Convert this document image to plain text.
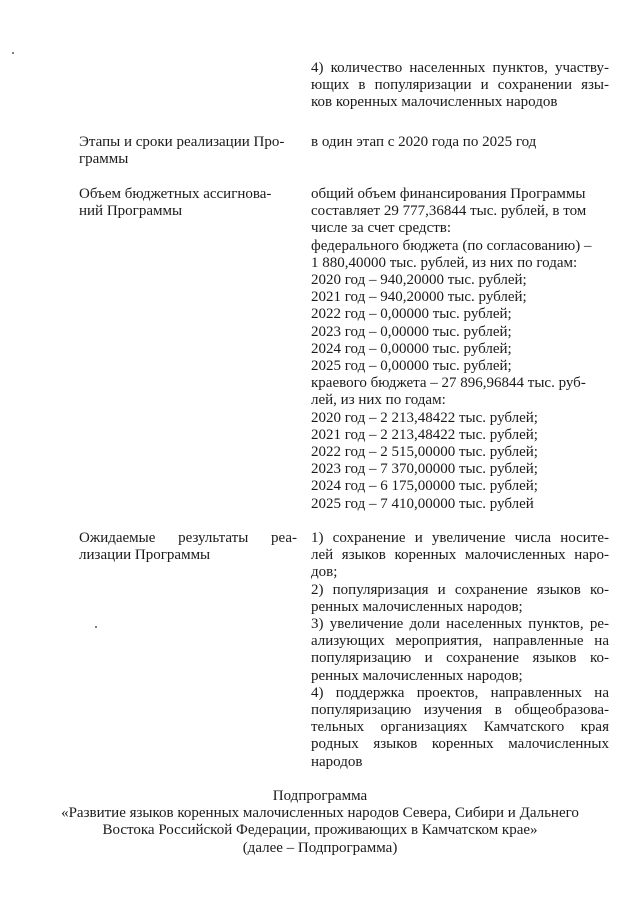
4) количество населенных пунктов, участву-
ющих в популяризации и сохранении язы-
ков коренных малочисленных народов
Этапы и сроки реализации Про-
граммы
в один этап с 2020 года по 2025 год
Объем бюджетных ассигнова-
ний Программы
общий объем финансирования Программы
составляет 29 777,36844 тыс. рублей, в том
числе за счет средств:
федерального бюджета (по согласованию) –
1 880,40000 тыс. рублей, из них по годам:
2020 год – 940,20000 тыс. рублей;
2021 год – 940,20000 тыс. рублей;
2022 год – 0,00000 тыс. рублей;
2023 год – 0,00000 тыс. рублей;
2024 год – 0,00000 тыс. рублей;
2025 год – 0,00000 тыс. рублей;
краевого бюджета – 27 896,96844 тыс. руб-
лей, из них по годам:
2020 год – 2 213,48422 тыс. рублей;
2021 год – 2 213,48422 тыс. рублей;
2022 год – 2 515,00000 тыс. рублей;
2023 год – 7 370,00000 тыс. рублей;
2024 год – 6 175,00000 тыс. рублей;
2025 год – 7 410,00000 тыс. рублей
Ожидаемые результаты реа-
лизации Программы
1) сохранение и увеличение числа носите-
лей языков коренных малочисленных наро-
дов;
2) популяризация и сохранение языков ко-
ренных малочисленных народов;
3) увеличение доли населенных пунктов, ре-
ализующих мероприятия, направленные на
популяризацию и сохранение языков ко-
ренных малочисленных народов;
4) поддержка проектов, направленных на
популяризацию изучения в общеобразова-
тельных организациях Камчатского края
родных языков коренных малочисленных
народов
Подпрограмма
«Развитие языков коренных малочисленных народов Севера, Сибири и Дальнего
Востока Российской Федерации, проживающих в Камчатском крае»
(далее – Подпрограмма)
